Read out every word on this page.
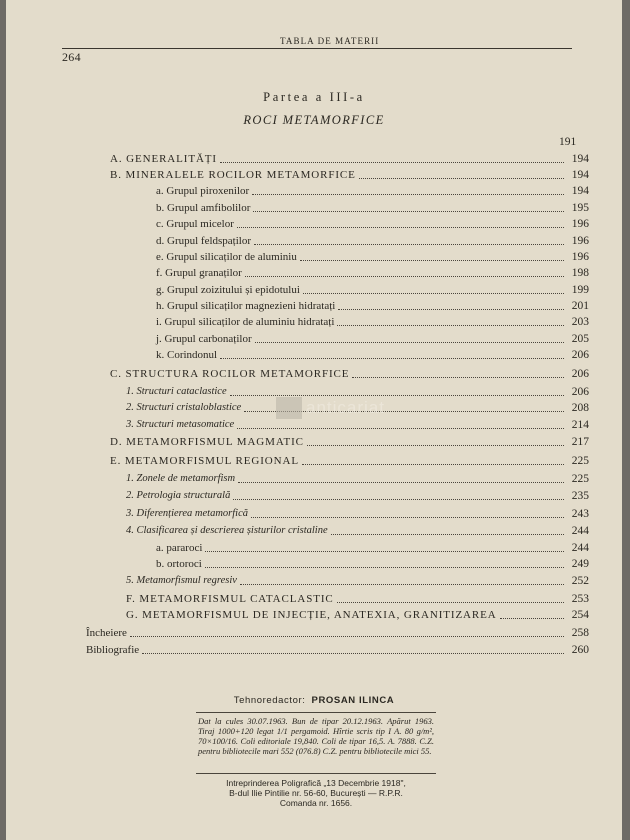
264
TABLA DE MATERII
Partea a III-a
ROCI METAMORFICE
191
A. GENERALITĂȚI	194
B. MINERALELE ROCILOR METAMORFICE	194
a. Grupul piroxenilor	194
b. Grupul amfibolilor	195
c. Grupul micelor	196
d. Grupul feldspaților	196
e. Grupul silicaților de aluminiu	196
f. Grupul granaților	198
g. Grupul zoizitului și epidotului	199
h. Grupul silicaților magnezieni hidratați	201
i. Grupul silicaților de aluminiu hidratați	203
j. Grupul carbonaților	205
k. Corindonul	206
C. STRUCTURA ROCILOR METAMORFICE	206
1. Structuri cataclastice	206
2. Structuri cristaloblastice	208
3. Structuri metasomatice	214
D. METAMORFISMUL MAGMATIC	217
E. METAMORFISMUL REGIONAL	225
1. Zonele de metamorfism	225
2. Petrologia structurală	235
3. Diferențierea metamorfică	243
4. Clasificarea și descrierea șisturilor cristaline	244
a. pararoci	244
b. ortoroci	249
5. Metamorfismul regresiv	252
F. METAMORFISMUL CATACLASTIC	253
G. METAMORFISMUL DE INJECȚIE, ANATEXIA, GRANITIZAREA	254
Încheiere	258
Bibliografie	260
anticariat
Tehnoredactor: PROSAN ILINCA
Dat la cules 30.07.1963. Bun de tipar 20.12.1963. Apărut 1963. Tiraj 1000+120 legat 1/1 pergamoid. Hîrtie scris tip I A. 80 g/m², 70×100/16. Coli editoriale 19,840. Coli de tipar 16,5. A. 7888. C.Z. pentru bibliotecile mari 552 (076.8) C.Z. pentru bibliotecile mici 55.
Intreprinderea Poligrafică „13 Decembrie 1918",
B-dul Ilie Pintilie nr. 56-60, București — R.P.R.
Comanda nr. 1656.
